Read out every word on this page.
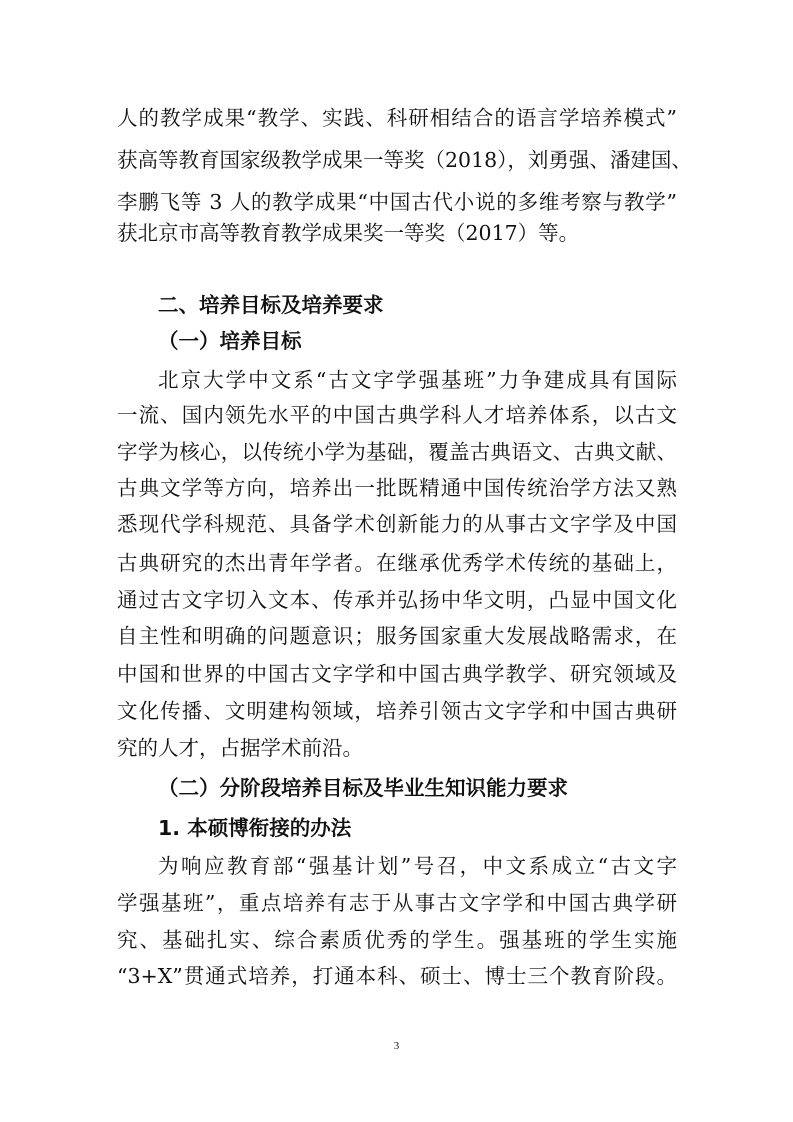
人的教学成果“教学、实践、科研相结合的语言学培养模式”
获高等教育国家级教学成果一等奖（2018），刘勇强、潘建国、
李鹏飞等 3 人的教学成果“中国古代小说的多维考察与教学”
获北京市高等教育教学成果奖一等奖（2017）等。
二、培养目标及培养要求
（一）培养目标
北京大学中文系“古文字学强基班”力争建成具有国际
一流、国内领先水平的中国古典学科人才培养体系，以古文
字学为核心，以传统小学为基础，覆盖古典语文、古典文献、
古典文学等方向，培养出一批既精通中国传统治学方法又熟
悉现代学科规范、具备学术创新能力的从事古文字学及中国
古典研究的杰出青年学者。在继承优秀学术传统的基础上，
通过古文字切入文本、传承并弘扬中华文明，凸显中国文化
自主性和明确的问题意识；服务国家重大发展战略需求，在
中国和世界的中国古文字学和中国古典学教学、研究领域及
文化传播、文明建构领域，培养引领古文字学和中国古典研
究的人才，占据学术前沿。
（二）分阶段培养目标及毕业生知识能力要求
1. 本硕博衔接的办法
为响应教育部“强基计划”号召，中文系成立“古文字
学强基班”，重点培养有志于从事古文字学和中国古典学研
究、基础扎实、综合素质优秀的学生。强基班的学生实施
“3+X”贯通式培养，打通本科、硕士、博士三个教育阶段。
3
